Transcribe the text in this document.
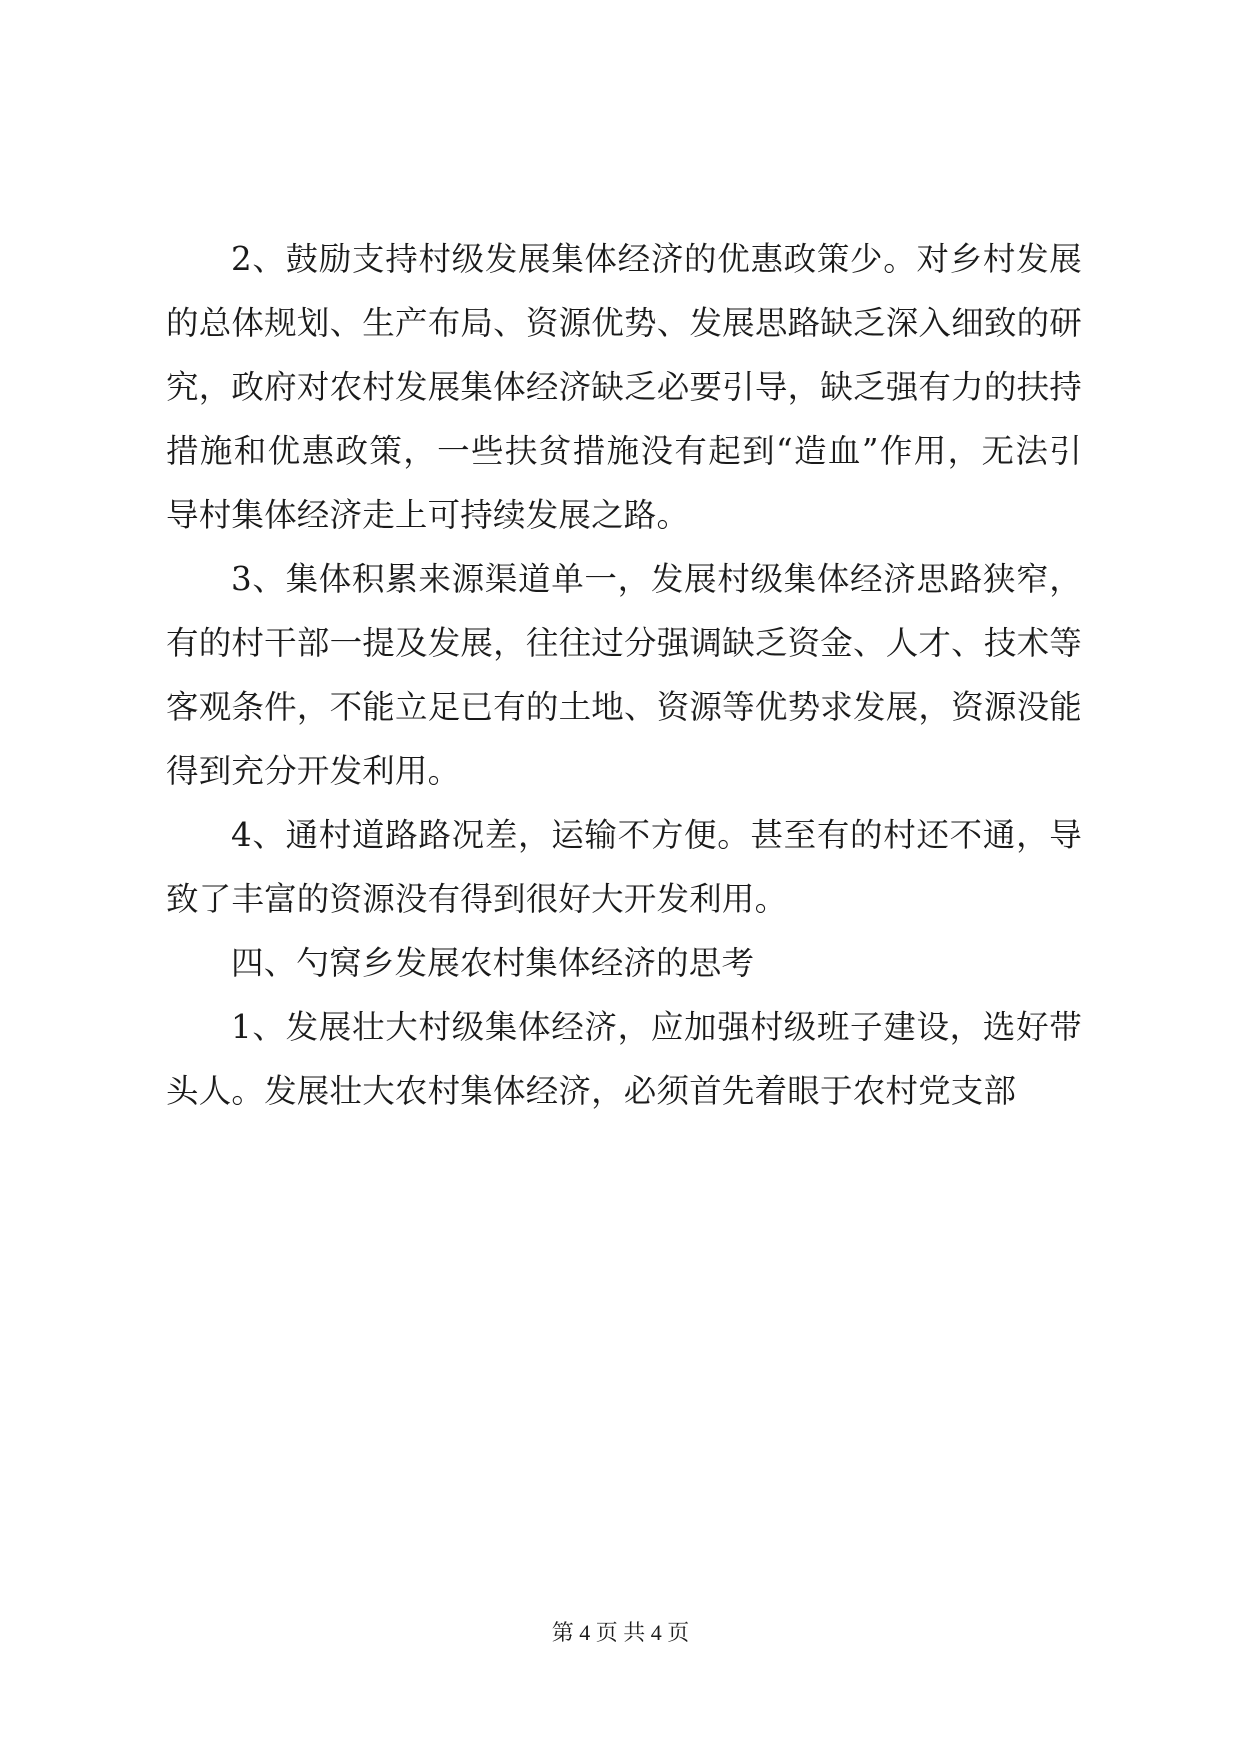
2、鼓励支持村级发展集体经济的优惠政策少。对乡村发展的总体规划、生产布局、资源优势、发展思路缺乏深入细致的研究，政府对农村发展集体经济缺乏必要引导，缺乏强有力的扶持措施和优惠政策，一些扶贫措施没有起到“造血”作用，无法引导村集体经济走上可持续发展之路。

3、集体积累来源渠道单一，发展村级集体经济思路狭窄，有的村干部一提及发展，往往过分强调缺乏资金、人才、技术等客观条件，不能立足已有的土地、资源等优势求发展，资源没能得到充分开发利用。

4、通村道路路况差，运输不方便。甚至有的村还不通，导致了丰富的资源没有得到很好大开发利用。

四、勺窝乡发展农村集体经济的思考

1、发展壮大村级集体经济，应加强村级班子建设，选好带头人。发展壮大农村集体经济，必须首先着眼于农村党支部

第 4 页 共 4 页
